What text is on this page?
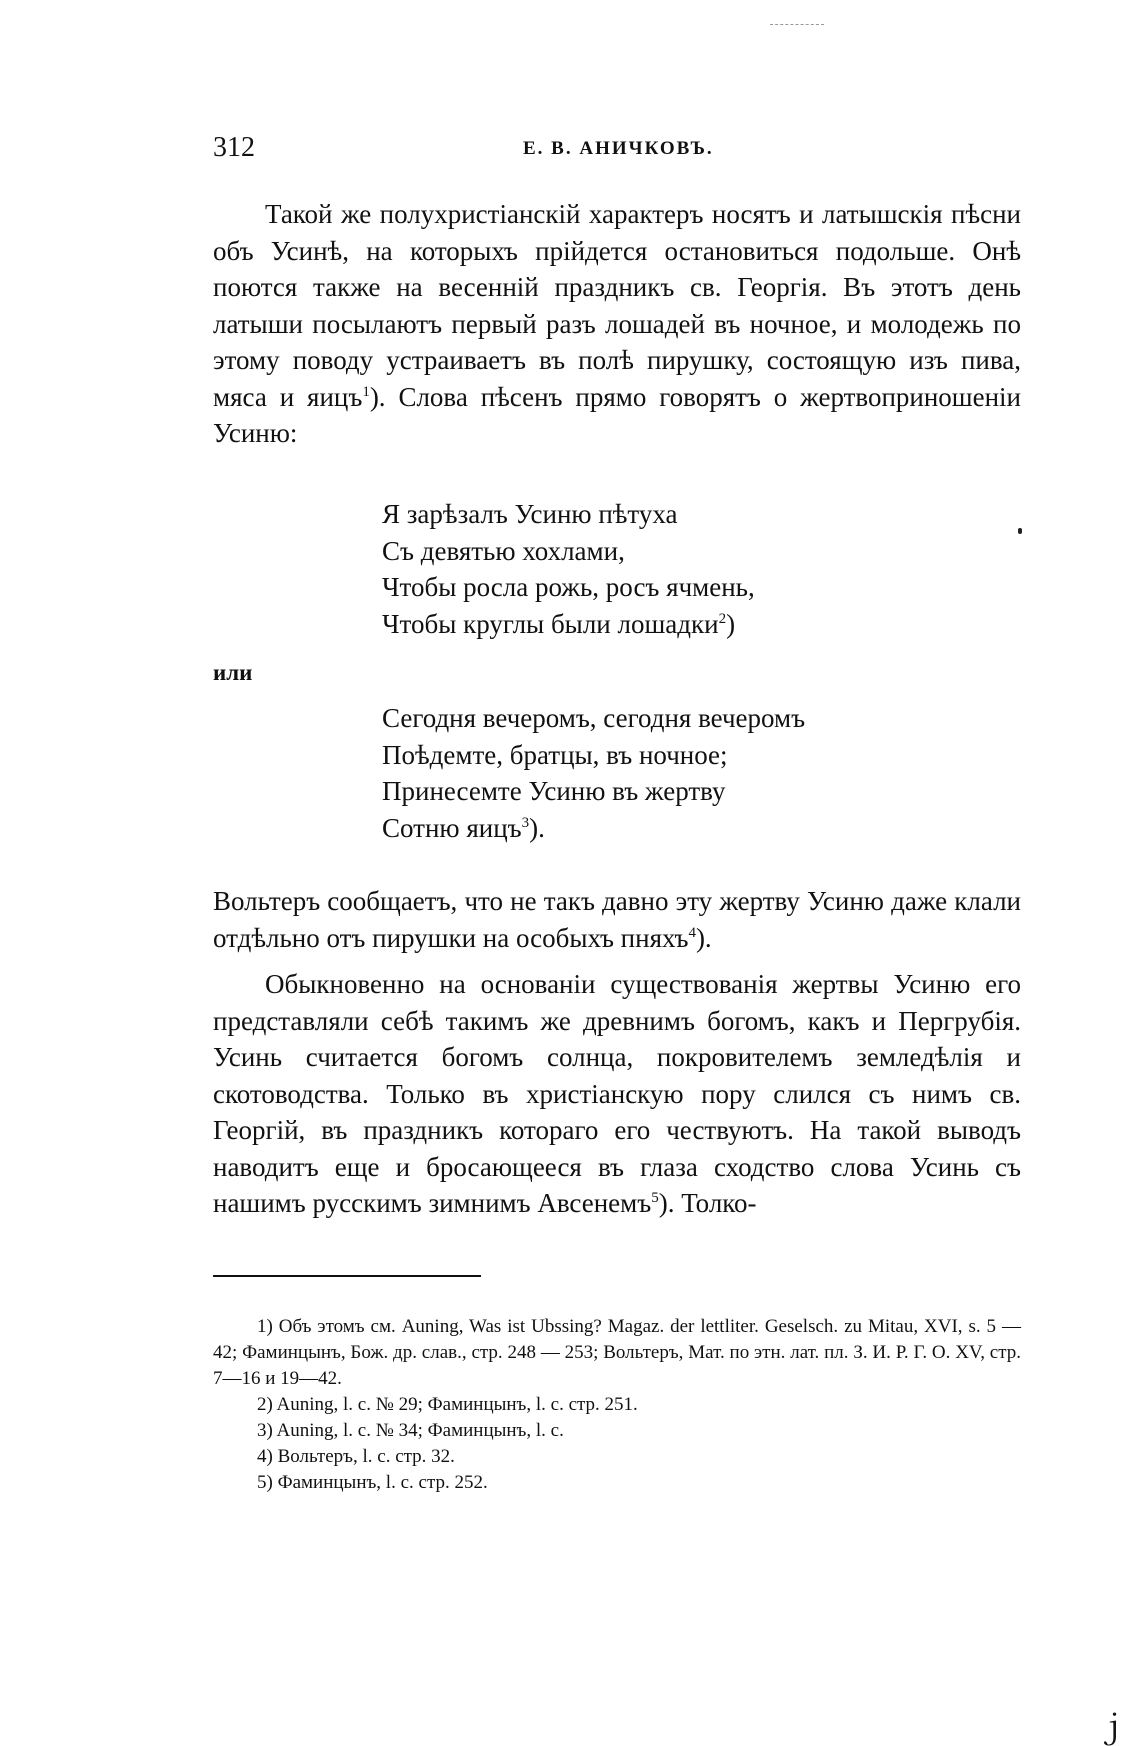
312	Е. В. АНИЧКОВЪ.

Такой же полухристіанскій характеръ носятъ и латышскія пѣсни объ Усинѣ, на которыхъ прійдется остановиться подольше. Онѣ поются также на весенній праздникъ св. Георгія. Въ этотъ день латыши посылаютъ первый разъ лошадей въ ночное, и молодежь по этому поводу устраиваетъ въ полѣ пирушку, состоящую изъ пива, мяса и яицъ$^1$). Слова пѣсенъ прямо говорятъ о жертвоприношеніи Усиню:

Я зарѣзалъ Усиню пѣтуха
Съ девятью хохлами,
Чтобы росла рожь, росъ ячмень,
Чтобы круглы были лошадки$^2$)
или
Сегодня вечеромъ, сегодня вечеромъ
Поѣдемте, братцы, въ ночное;
Принесемте Усиню въ жертву
Сотню яицъ$^3$).

Вольтеръ сообщаетъ, что не такъ давно эту жертву Усиню даже клали отдѣльно отъ пирушки на особыхъ пняхъ$^4$).

Обыкновенно на основаніи существованія жертвы Усиню его представляли себѣ такимъ же древнимъ богомъ, какъ и Пергрубія. Усинь считается богомъ солнца, покровителемъ земледѣлія и скотоводства. Только въ христіанскую пору слился съ нимъ св. Георгій, въ праздникъ котораго его чествуютъ. На такой выводъ наводитъ еще и бросающееся въ глаза сходство слова Усинь съ нашимъ русскимъ зимнимъ Авсенемъ$^5$). Толко-

1) Объ этомъ см. Auning, Was ist Ubssing? Magaz. der lettliter. Geselsch. zu Mitau, XVI, s. 5 — 42; Фаминцынъ, Бож. др. слав., стр. 248 — 253; Вольтеръ, Мат. по этн. лат. пл. З. И. Р. Г. О. XV, стр. 7—16 и 19—42.

2) Auning, l. c. № 29; Фаминцынъ, l. c. стр. 251.

3) Auning, l. c. № 34; Фаминцынъ, l. c.

4) Вольтеръ, l. c. стр. 32.

5) Фаминцынъ, l. c. стр. 252.

ｊ
